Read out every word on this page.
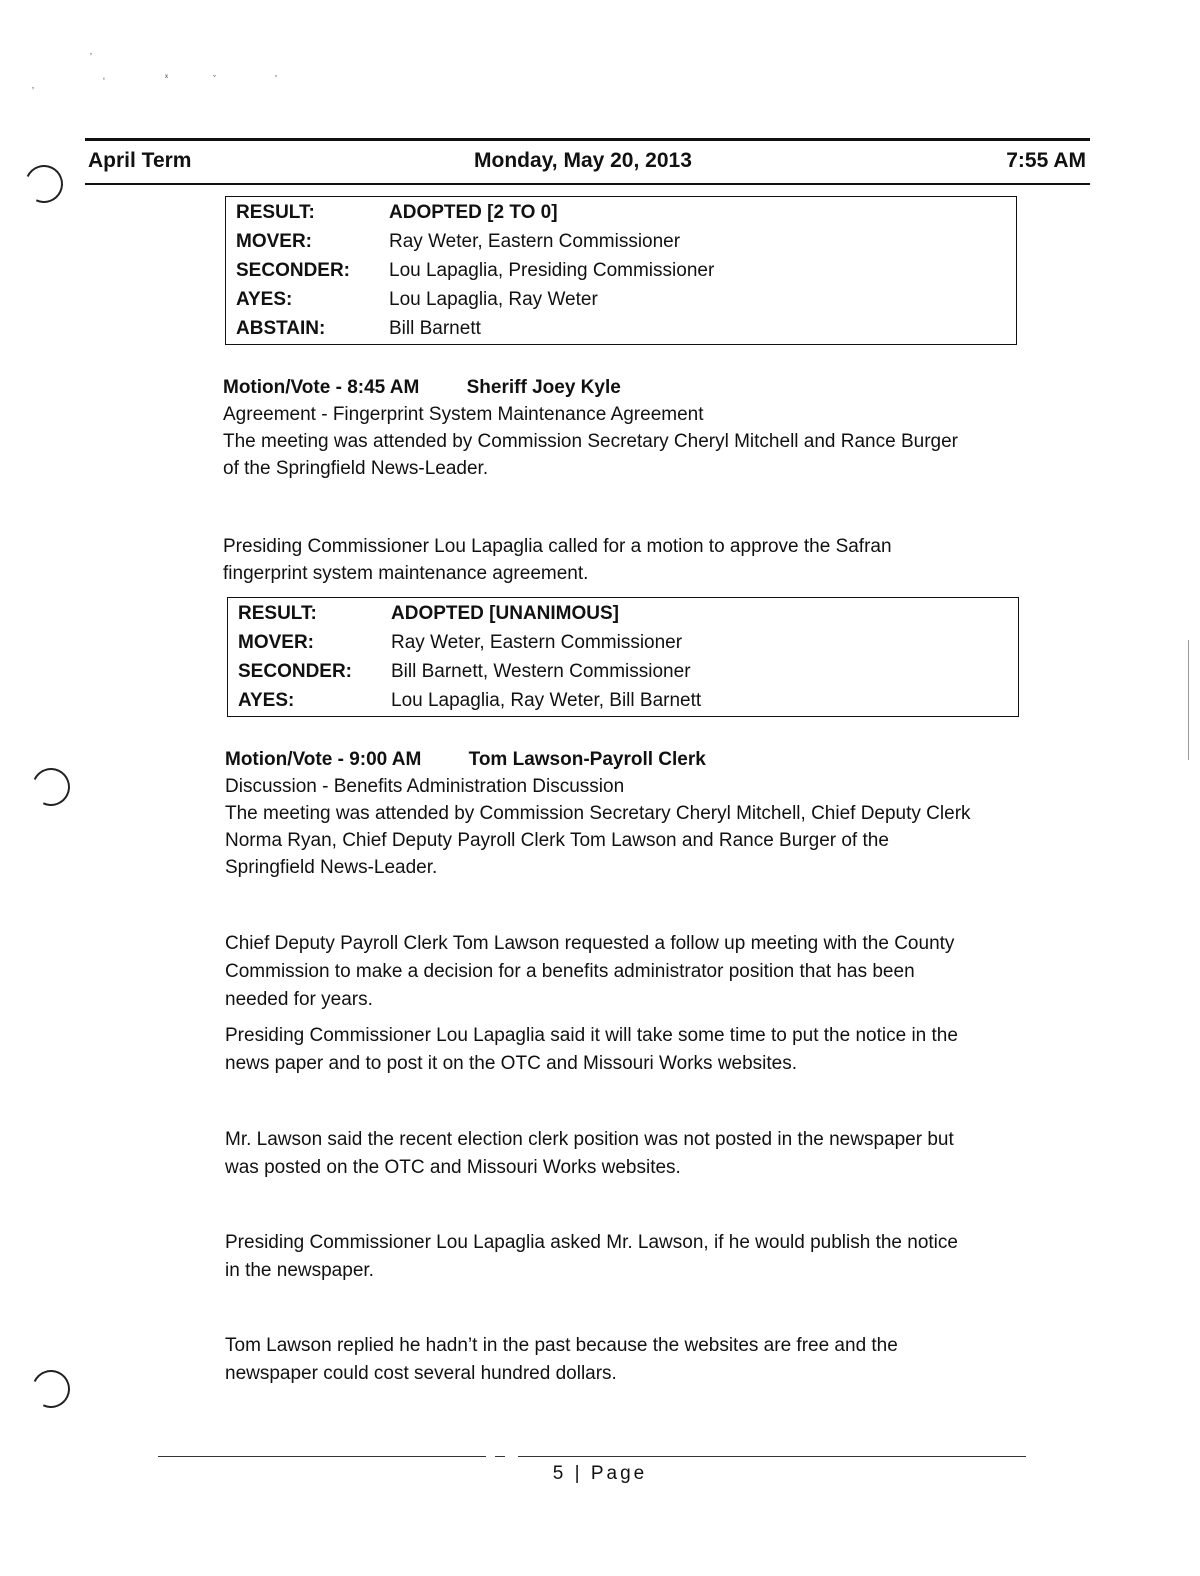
ʼ
ʻ	ˣ	ˇ	ʼ
ʼ
April Term	Monday, May 20, 2013	7:55 AM
RESULT:	ADOPTED [2 TO 0]
MOVER:	Ray Weter, Eastern Commissioner
SECONDER: Lou Lapaglia, Presiding Commissioner
AYES:	Lou Lapaglia, Ray Weter
ABSTAIN:	Bill Barnett

Motion/Vote - 8:45 AM Sheriff Joey Kyle

Agreement - Fingerprint System Maintenance Agreement

The meeting was attended by Commission Secretary Cheryl Mitchell and Rance Burger

of the Springfield News-Leader.

Presiding Commissioner Lou Lapaglia called for a motion to approve the Safran

fingerprint system maintenance agreement.

RESULT:	ADOPTED [UNANIMOUS]
MOVER:	Ray Weter, Eastern Commissioner
SECONDER: Bill Barnett, Western Commissioner
AYES:	Lou Lapaglia, Ray Weter, Bill Barnett

Motion/Vote - 9:00 AM Tom Lawson-Payroll Clerk

Discussion - Benefits Administration Discussion

The meeting was attended by Commission Secretary Cheryl Mitchell, Chief Deputy Clerk

Norma Ryan, Chief Deputy Payroll Clerk Tom Lawson and Rance Burger of the

Springfield News-Leader.

Chief Deputy Payroll Clerk Tom Lawson requested a follow up meeting with the County

Commission to make a decision for a benefits administrator position that has been

needed for years.

Presiding Commissioner Lou Lapaglia said it will take some time to put the notice in the

news paper and to post it on the OTC and Missouri Works websites.

Mr. Lawson said the recent election clerk position was not posted in the newspaper but

was posted on the OTC and Missouri Works websites.

Presiding Commissioner Lou Lapaglia asked Mr. Lawson, if he would publish the notice

in the newspaper.

Tom Lawson replied he hadn’t in the past because the websites are free and the

newspaper could cost several hundred dollars.

5 | Page
